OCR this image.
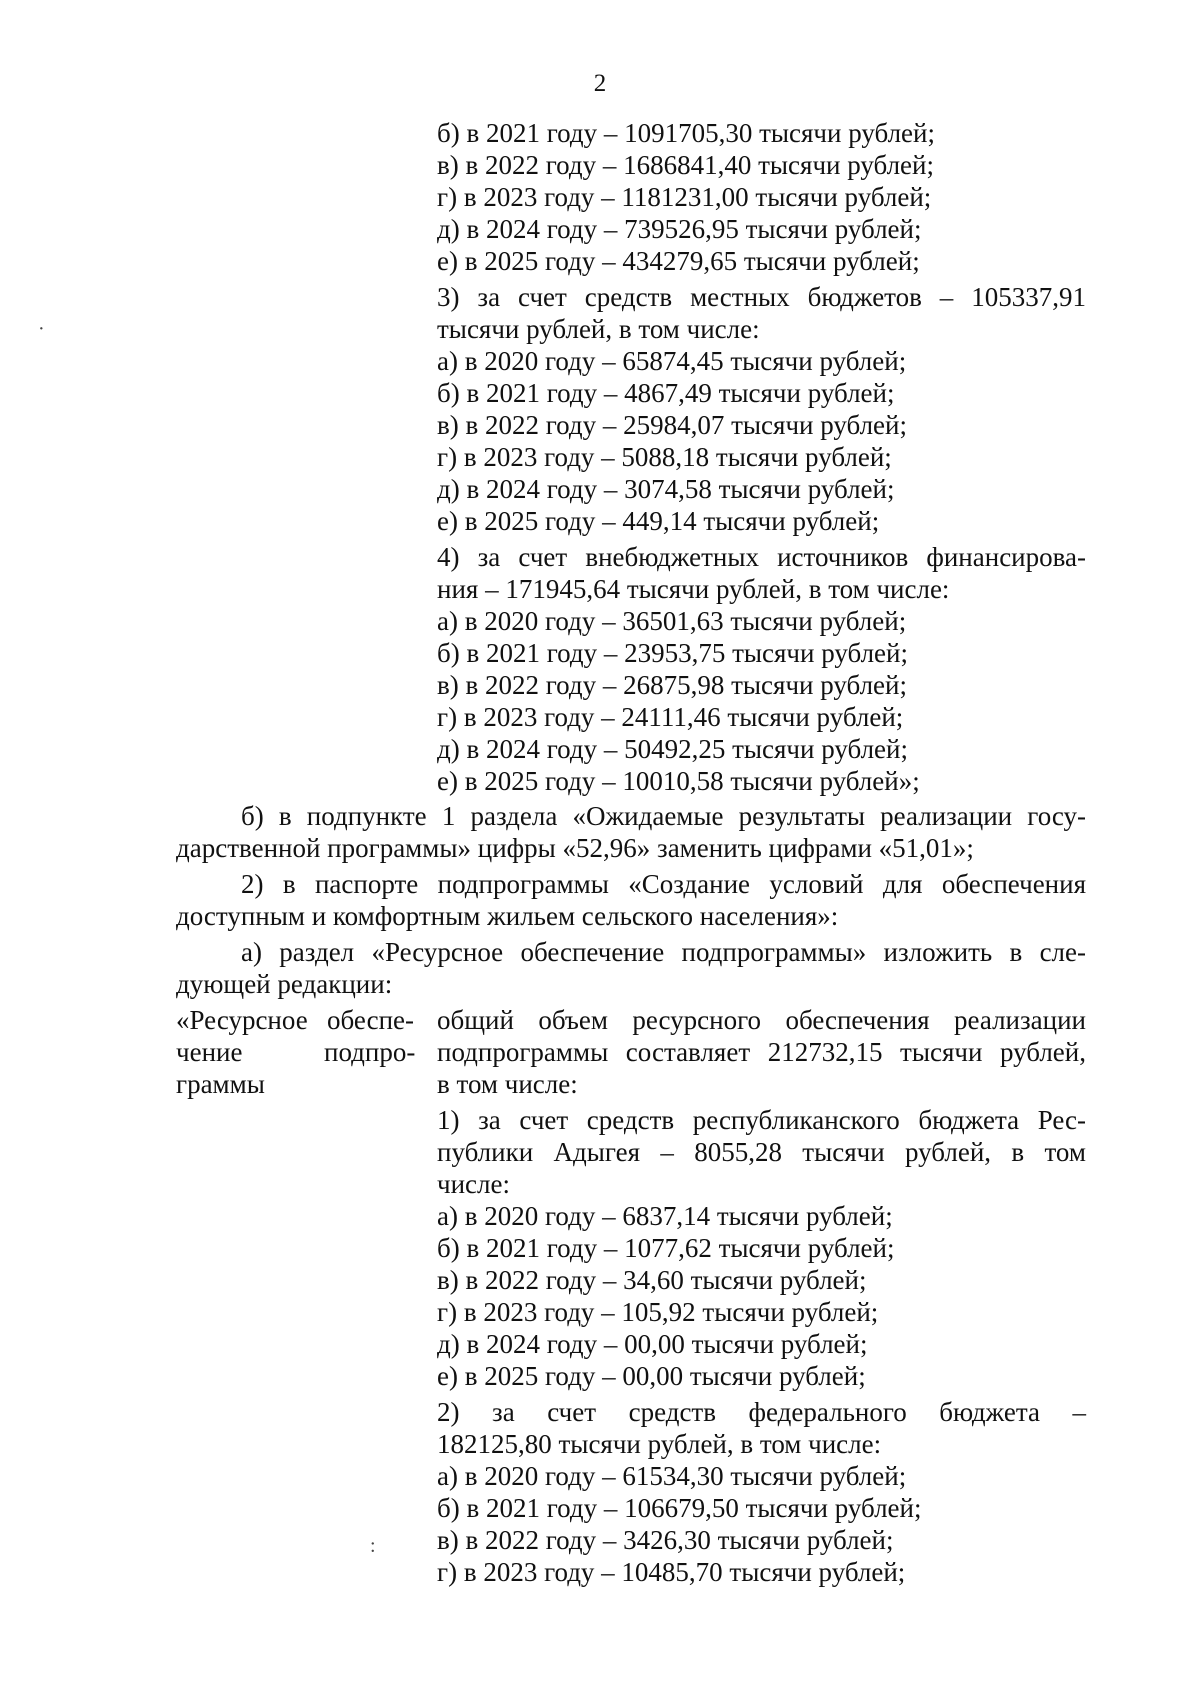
2
б) в 2021 году – 1091705,30 тысячи рублей;
в) в 2022 году – 1686841,40 тысячи рублей;
г) в 2023 году – 1181231,00 тысячи рублей;
д) в 2024 году – 739526,95 тысячи рублей;
е) в 2025 году – 434279,65 тысячи рублей;
3) за счет средств местных бюджетов – 105337,91
тысячи рублей, в том числе:
а) в 2020 году – 65874,45 тысячи рублей;
б) в 2021 году – 4867,49 тысячи рублей;
в) в 2022 году – 25984,07 тысячи рублей;
г) в 2023 году – 5088,18 тысячи рублей;
д) в 2024 году – 3074,58 тысячи рублей;
е) в 2025 году – 449,14 тысячи рублей;
4) за счет внебюджетных источников финансирова-
ния – 171945,64 тысячи рублей, в том числе:
а) в 2020 году – 36501,63 тысячи рублей;
б) в 2021 году – 23953,75 тысячи рублей;
в) в 2022 году – 26875,98 тысячи рублей;
г) в 2023 году – 24111,46 тысячи рублей;
д) в 2024 году – 50492,25 тысячи рублей;
е) в 2025 году – 10010,58 тысячи рублей»;
б) в подпункте 1 раздела «Ожидаемые результаты реализации госу-
дарственной программы» цифры «52,96» заменить цифрами «51,01»;
2) в паспорте подпрограммы «Создание условий для обеспечения
доступным и комфортным жильем сельского населения»:
а) раздел «Ресурсное обеспечение подпрограммы» изложить в сле-
дующей редакции:
«Ресурсное обеспе-
чение	подпро-
граммы
общий объем ресурсного обеспечения реализации
подпрограммы составляет 212732,15 тысячи рублей,
в том числе:
1) за счет средств республиканского бюджета Рес-
публики Адыгея – 8055,28 тысячи рублей, в том
числе:
а) в 2020 году – 6837,14 тысячи рублей;
б) в 2021 году – 1077,62 тысячи рублей;
в) в 2022 году – 34,60 тысячи рублей;
г) в 2023 году – 105,92 тысячи рублей;
д) в 2024 году – 00,00 тысячи рублей;
е) в 2025 году – 00,00 тысячи рублей;
2) за счет средств федерального бюджета –
182125,80 тысячи рублей, в том числе:
а) в 2020 году – 61534,30 тысячи рублей;
б) в 2021 году – 106679,50 тысячи рублей;
в) в 2022 году – 3426,30 тысячи рублей;
г) в 2023 году – 10485,70 тысячи рублей;
·
:
